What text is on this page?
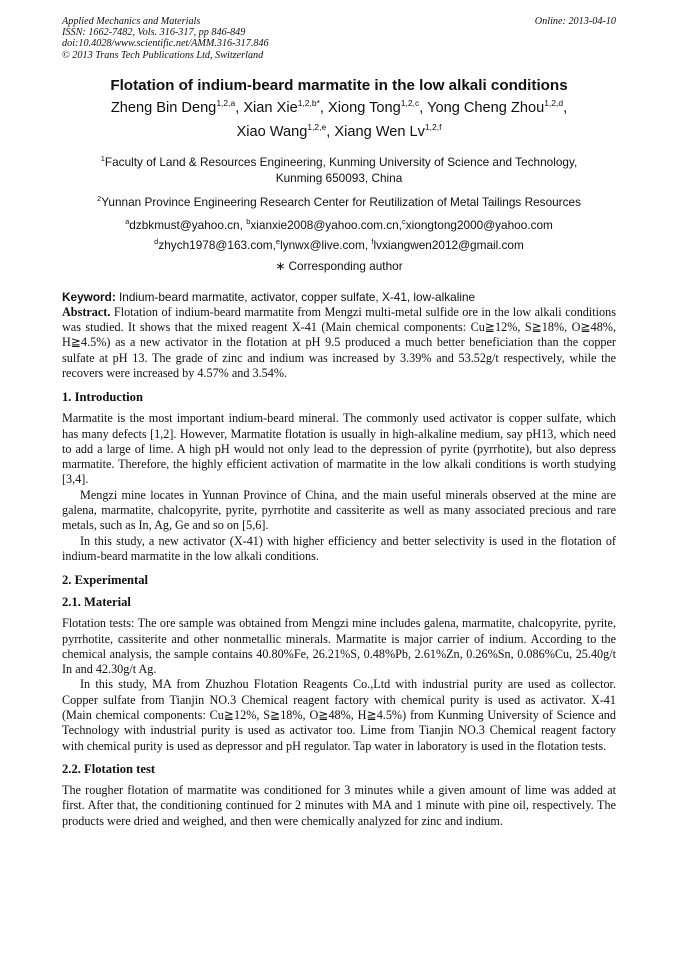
Applied Mechanics and Materials
ISSN: 1662-7482, Vols. 316-317, pp 846-849
doi:10.4028/www.scientific.net/AMM.316-317.846
© 2013 Trans Tech Publications Ltd, Switzerland
Online: 2013-04-10
Flotation of indium-beard marmatite in the low alkali conditions
Zheng Bin Deng$^{1,2,a}$, Xian Xie$^{1,2,b*}$, Xiong Tong$^{1,2,c}$, Yong Cheng Zhou$^{1,2,d}$,
Xiao Wang$^{1,2,e}$, Xiang Wen Lv$^{1,2,f}$
$^1$Faculty of Land & Resources Engineering, Kunming University of Science and Technology,
Kunming 650093, China
$^2$Yunnan Province Engineering Research Center for Reutilization of Metal Tailings Resources
$^a$dzbkmust@yahoo.cn, $^b$xianxie2008@yahoo.com.cn,$^c$xiongtong2000@yahoo.com
$^d$zhych1978@163.com,$^e$lynwx@live.com, $^f$lvxiangwen2012@gmail.com
∗ Corresponding author
Keyword: Indium-beard marmatite, activator, copper sulfate, X-41, low-alkaline

Abstract. Flotation of indium-beard marmatite from Mengzi multi-metal sulfide ore in the low alkali conditions was studied. It shows that the mixed reagent X-41 (Main chemical components: Cu≧12%, S≧18%, O≧48%, H≧4.5%) as a new activator in the flotation at pH 9.5 produced a much better beneficiation than the copper sulfate at pH 13. The grade of zinc and indium was increased by 3.39% and 53.52g/t respectively, while the recovers were increased by 4.57% and 3.54%.

1. Introduction

Marmatite is the most important indium-beard mineral. The commonly used activator is copper sulfate, which has many defects [1,2]. However, Marmatite flotation is usually in high-alkaline medium, say pH13, which need to add a large of lime. A high pH would not only lead to the depression of pyrite (pyrrhotite), but also depress marmatite. Therefore, the highly efficient activation of marmatite in the low alkali conditions is worth studying [3,4].

Mengzi mine locates in Yunnan Province of China, and the main useful minerals observed at the mine are galena, marmatite, chalcopyrite, pyrite, pyrrhotite and cassiterite as well as many associated precious and rare metals, such as In, Ag, Ge and so on [5,6].

In this study, a new activator (X-41) with higher efficiency and better selectivity is used in the flotation of indium-beard marmatite in the low alkali conditions.

2. Experimental
2.1. Material

Flotation tests: The ore sample was obtained from Mengzi mine includes galena, marmatite, chalcopyrite, pyrite, pyrrhotite, cassiterite and other nonmetallic minerals. Marmatite is major carrier of indium. According to the chemical analysis, the sample contains 40.80%Fe, 26.21%S, 0.48%Pb, 2.61%Zn, 0.26%Sn, 0.086%Cu, 25.40g/t In and 42.30g/t Ag.

In this study, MA from Zhuzhou Flotation Reagents Co.,Ltd with industrial purity are used as collector. Copper sulfate from Tianjin NO.3 Chemical reagent factory with chemical purity is used as activator. X-41 (Main chemical components: Cu≧12%, S≧18%, O≧48%, H≧4.5%) from Kunming University of Science and Technology with industrial purity is used as activator too. Lime from Tianjin NO.3 Chemical reagent factory with chemical purity is used as depressor and pH regulator. Tap water in laboratory is used in the flotation tests.

2.2. Flotation test

The rougher flotation of marmatite was conditioned for 3 minutes while a given amount of lime was added at first. After that, the conditioning continued for 2 minutes with MA and 1 minute with pine oil, respectively. The products were dried and weighed, and then were chemically analyzed for zinc and indium.
